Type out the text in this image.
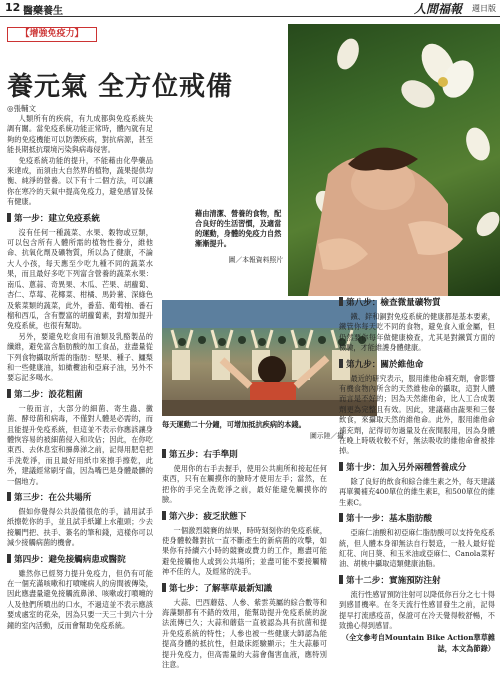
12 醫藥養生	人間福報 週日版
【增強免疫力】
養元氣 全方位戒備
◎張輔文

人類所有的疾病，有九成都與免疫系統失調有關。當免疫系統功能正常時，體內就有足夠的免疫機能可以防禦疾病，對抗病源，甚至能長期抵抗環境污染與病毒侵害。

免疫系統功能的提升，不能藉由化學藥品來達成，而須由大自然界的植物，蔬果提供均衡、純淨的營養。以下有十二個方法，可以讓你在寒冷的天氣中提高免疫力，避免感冒及保有健康。

第一步：建立免疫系統

沒有任何一種蔬菜、水果、穀物或豆類，可以包含所有人體所需的植物性養分，維他命、抗氧化劑及礦物質，所以為了健康，不論大人小孩，每天應至少吃九種不同的蔬菜水果，而且最好多吃下列富含營養的蔬菜水果：南瓜、蔥蒜、奇異果、木瓜、芒果、胡蘿蔔、杏仁、草莓、花椰菜、柑橘、馬鈴薯、深綠色及紫菜類的蔬菜，此外，番茄、葡萄柚、番石榴和西瓜，含有豐富的胡蘿蔔素，對增加提升免疫系統，也很有幫助。

另外，要避免吃食用有油類及乳酪製品的纖維，避免富含脂肪酸的加工食品，並盡量從下列食物攝取所需的脂肪：堅果、種子、鱷梨和一些健康油，如橄欖油和亞麻子油，另外不要忘記多喝水。

第二步：設花粗菌

一般而言，大部分的細菌、寄生蟲、黴菌、酵母菌和病毒，不僅對人體是必需的，而且能提升免疫系統，但這並不表示你應該讓身體恢容易的被細菌侵入和攻佔；因此，在你吃東西、去休息室和擤鼻涕之前，記得用肥皂把手洗乾淨，而且最好用紙巾來擦手擦乾，此外，建議經常刷牙齒，因為嘴巴是身體最髒的一個地方。

第三步：在公共場所

假如你覺得公共設備很危的手，請用試手紙擦乾你的手，並且試手紙罐上水龍頭；少去接觸門把、扶手、簽名的筆和錢，這樣你可以減少接觸病菌的機會。

第四步：避免接觸病患或醫院

雖然你已經努力提升免疫力，但仍有可能在一個充滿咳嗽和打噴嚏病人的房間被傳染，因此應盡量避免接觸流鼻涕、咳嗽或打噴嚏的人及他們所噴出的口水，不過這並不表示應該要成處室的花朵，因為只要一天三十到六十分鐘的室內活動，反而會幫助免疫系統。

藉由清潔、營養的食物，配合良好的生活習慣，及適當的運動，身體的免疫力自然漸漸提升。
圖／本報資料照片
每天運動二十分鐘，可增加抵抗疾病的本錢。
圖示陸／攝
第五步：右手準則

使用你的右手去握手，使用公共廁所和接起任何東西，只有在觸摸你的臉時才使用左手；當然，在把你的手完全洗乾淨之前，最好能避免觸摸你的臉。

第六步：疲乏狀態下

一個激烈競賽的結果，時時刻刻你的免疫系統，使身體較難對抗一直不斷產生的新病菌的攻擊，如果你有持續六小時的競賽或費力的工作，應盡可能避免接觸他人或到公共場所；並盡可能不要接觸精神不佳的人，及經常的洗手。

第七步：了解華草最新知識

大蒜、巴西蘑菇、人參、紫雲英屬的綜合數等和海藻類都有不錯的效用，能幫助提升免疫系統的說法流傳已久；大蒜和蘑菇一直被認為具有抗菌和提升免疫系統的特性；人參也被一些健康大師認為能提高身體的抵抗性，但最床經驗顯示；生大蒜藤可提升免疫力，但高需量的大蒜會傷害血液，應特別注意。

第八步：檢查微量礦物質

鐵、鋅和銅對免疫系統的健康都是基本要素，鐵管你每天吃不同的食物，避免食入重金屬，但仍然要你每年做健康檢查，尤其是對鐵質方面的檢驗，才能維護身體健康。

第九步：關於維他命

最近的研究表示，服用維他命補充劑，會影響有機食物內所含的天然維他命的攝取，這對人體而言是不好的；因為天然維他命，比人工合成製劑更為完整且有效。因此，建議藉由蔬果和三餐飲食，來攝取天然的維他命。此外，服用維他命補充劑，記得切勿過量及在夜間服用，因為身體在晚上時吸收較不好，無法吸收的維他命會被排掉。

第十步：加入另外兩種營養成分

除了良好的飲食和綜合維生素之外，每天建議再單獨補充400單位的維生素E，和500單位的維生素C。

第十一步：基本脂肪酸

亞麻仁油酸和初亞麻仁脂肪酸可以支持免疫系統，但人體本身卻無法自行製造，一般人最好從紅花、向日葵、和玉米油或亞麻仁、Canola菜籽油、胡桃中攝取這類健康油脂。

第十二步：實施預防注射

流行性感冒預防注射可以降低你百分之七十得到感冒機率。在冬天流行性感冒發生之前，記得提早打流感疫苗，保證可在冷天覺得較舒暢，不致擔心得到感冒。

（全文參考自Mountain Bike Action華草雜誌，本文為節錄）
